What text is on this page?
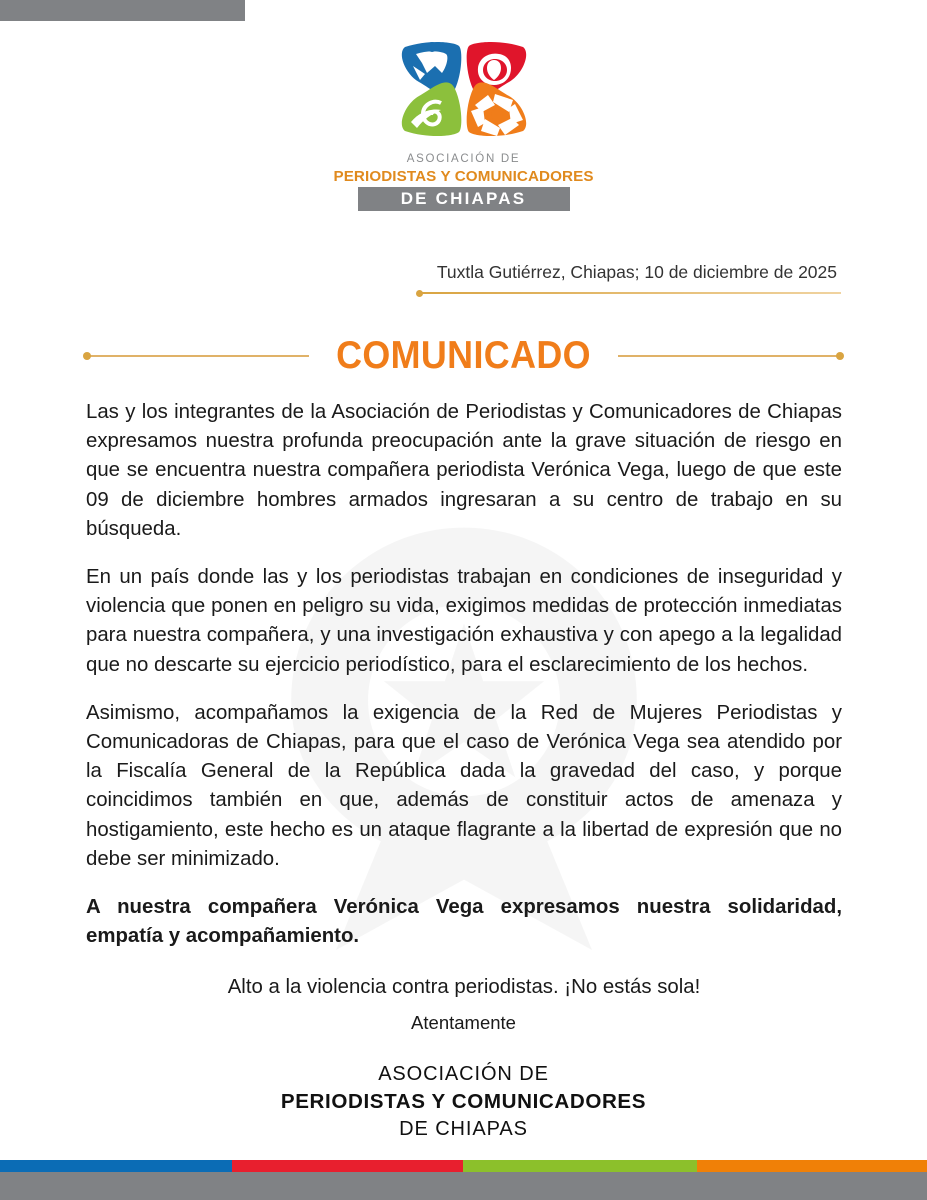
ASOCIACIÓN DE
PERIODISTAS Y COMUNICADORES
DE CHIAPAS
Tuxtla Gutiérrez, Chiapas; 10 de diciembre de 2025
COMUNICADO

Las y los integrantes de la Asociación de Periodistas y Comunicadores de Chiapas expresamos nuestra profunda preocupación ante la grave situación de riesgo en que se encuentra nuestra compañera periodista Verónica Vega, luego de que este 09 de diciembre hombres armados ingresaran a su centro de trabajo en su búsqueda.

En un país donde las y los periodistas trabajan en condiciones de inseguridad y violencia que ponen en peligro su vida, exigimos medidas de protección inmediatas para nuestra compañera, y una investigación exhaustiva y con apego a la legalidad que no descarte su ejercicio periodístico, para el esclarecimiento de los hechos.

Asimismo, acompañamos la exigencia de la Red de Mujeres Periodistas y Comunicadoras de Chiapas, para que el caso de Verónica Vega sea atendido por la Fiscalía General de la República dada la gravedad del caso, y porque coincidimos también en que, además de constituir actos de amenaza y hostigamiento, este hecho es un ataque flagrante a la libertad de expresión que no debe ser minimizado.

A nuestra compañera Verónica Vega expresamos nuestra solidaridad, empatía y acompañamiento.

Alto a la violencia contra periodistas. ¡No estás sola!

Atentamente
ASOCIACIÓN DE
PERIODISTAS Y COMUNICADORES
DE CHIAPAS
